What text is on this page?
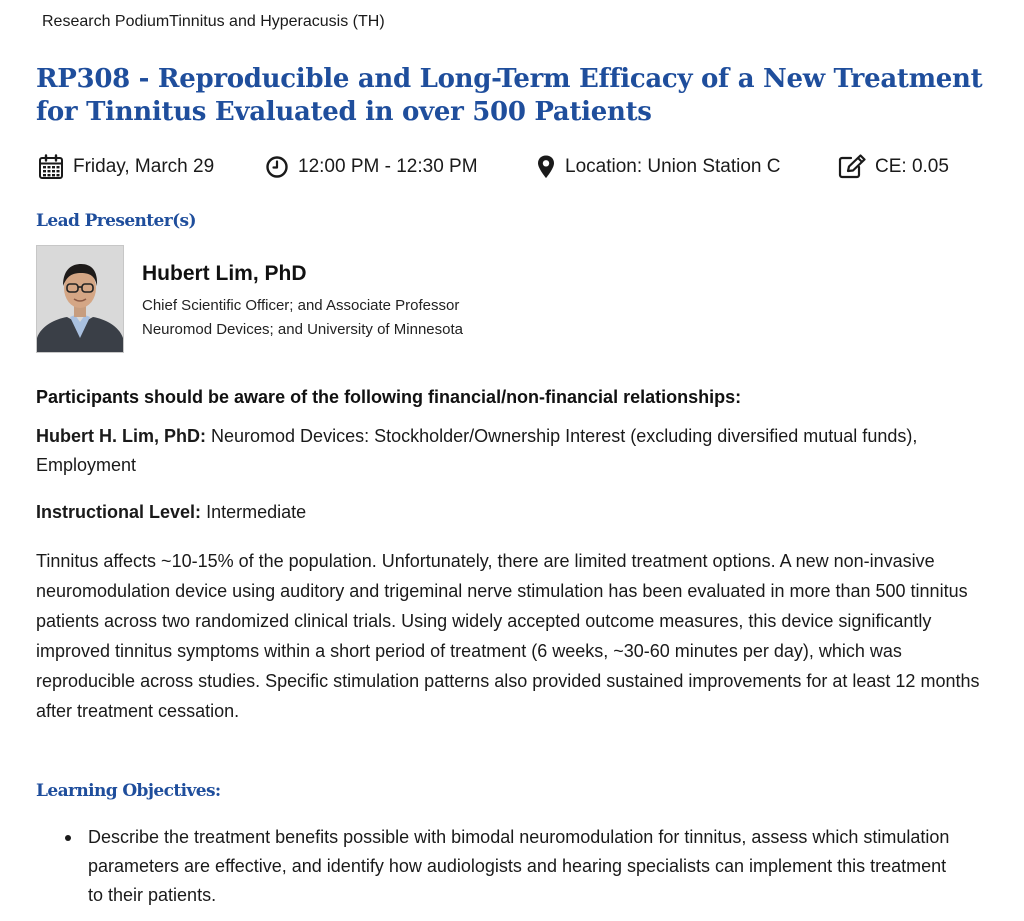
Research PodiumTinnitus and Hyperacusis (TH)
RP308 - Reproducible and Long-Term Efficacy of a New Treatment for Tinnitus Evaluated in over 500 Patients
Friday, March 29	12:00 PM - 12:30 PM	Location: Union Station C	CE: 0.05
Lead Presenter(s)
Hubert Lim, PhD
Chief Scientific Officer; and Associate Professor
Neuromod Devices; and University of Minnesota
Participants should be aware of the following financial/non-financial relationships:
Hubert H. Lim, PhD: Neuromod Devices: Stockholder/Ownership Interest (excluding diversified mutual funds), Employment
Instructional Level: Intermediate

Tinnitus affects ~10-15% of the population. Unfortunately, there are limited treatment options. A new non-invasive neuromodulation device using auditory and trigeminal nerve stimulation has been evaluated in more than 500 tinnitus patients across two randomized clinical trials. Using widely accepted outcome measures, this device significantly improved tinnitus symptoms within a short period of treatment (6 weeks, ~30-60 minutes per day), which was reproducible across studies. Specific stimulation patterns also provided sustained improvements for at least 12 months after treatment cessation.

Learning Objectives:
Describe the treatment benefits possible with bimodal neuromodulation for tinnitus, assess which stimulation parameters are effective, and identify how audiologists and hearing specialists can implement this treatment to their patients.
